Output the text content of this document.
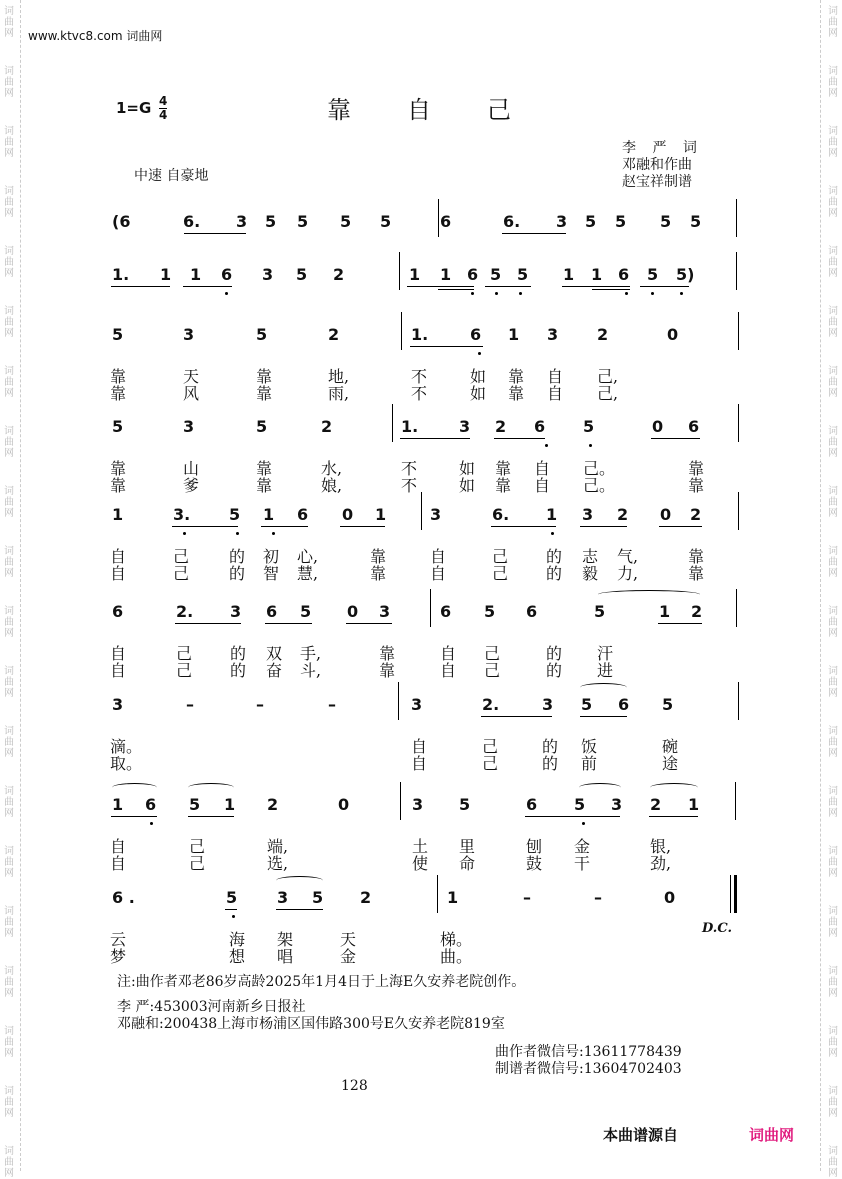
词
曲
网
词
曲
网
词
曲
网
词
曲
网
词
曲
网
词
曲
网
词
曲
网
词
曲
网
词
曲
网
词
曲
网
词
曲
网
词
曲
网
词
曲
网
词
曲
网
词
曲
网
词
曲
网
词
曲
网
词
曲
网
词
曲
网
词
曲
网
词
曲
网
词
曲
网
词
曲
网
词
曲
网
词
曲
网
词
曲
网
词
曲
网
词
曲
网
词
曲
网
词
曲
网
词
曲
网
词
曲
网
词
曲
网
词
曲
网
词
曲
网
词
曲
网
词
曲
网
词
曲
网
词
曲
网
词
曲
网
www.ktvc8.com 词曲网
1=G 4
4	靠 自 己
李 严 词
邓融和作曲
赵宝祥制谱
中速 自豪地
(6	6. 3 5 5 5 5	6	6. 3 5 5 5 5
1. 1 1 6 3 5 2	1 1 6 5 5 1 1 6 5 5)
5	3	5	2	1.	6 1 3 2	0
靠	天	靠	地,	不	如 靠 自 己,
靠	风	靠	雨,	不	如 靠 自 己,
5	3	5	2	1.	3 2 6 5	0 6
靠	山	靠	水,	不	如 靠 自 己。	靠
靠	爹	靠	娘,	不	如 靠 自 己。	靠
1	3. 5 1 6 0 1	3	6. 1 3 2 0 2
自	己 的 初 心,	靠	自	己 的 志 气,	靠
自	己 的 智 慧,	靠	自	己 的 毅 力,	靠
6	2. 3 6 5 0 3	6 5 6	5	1 2
自	己 的 双 手,	靠	自 己	的 汗
自	己 的 奋 斗,	靠	自 己	的 进
3	–	–	–	3	2.	3 5 6 5
滴。	自	己	的 饭	碗
取。	自	己	的 前	途
1 6 5 1 2	0	3 5	6 5 3 2 1
自	己	端,	土 里	刨 金	银,
自	己	选,	使 命	鼓 干	劲,
6 .	5 3 5 2	1	–	–	0
云	海 架	天	梯。
梦	想 唱	金	曲。
D.C.
注:曲作者邓老86岁高龄2025年1月4日于上海E久安养老院创作。
李 严:453003河南新乡日报社
邓融和:200438上海市杨浦区国伟路300号E久安养老院819室
曲作者微信号:13611778439
制谱者微信号:13604702403
128
本曲谱源自	词曲网
